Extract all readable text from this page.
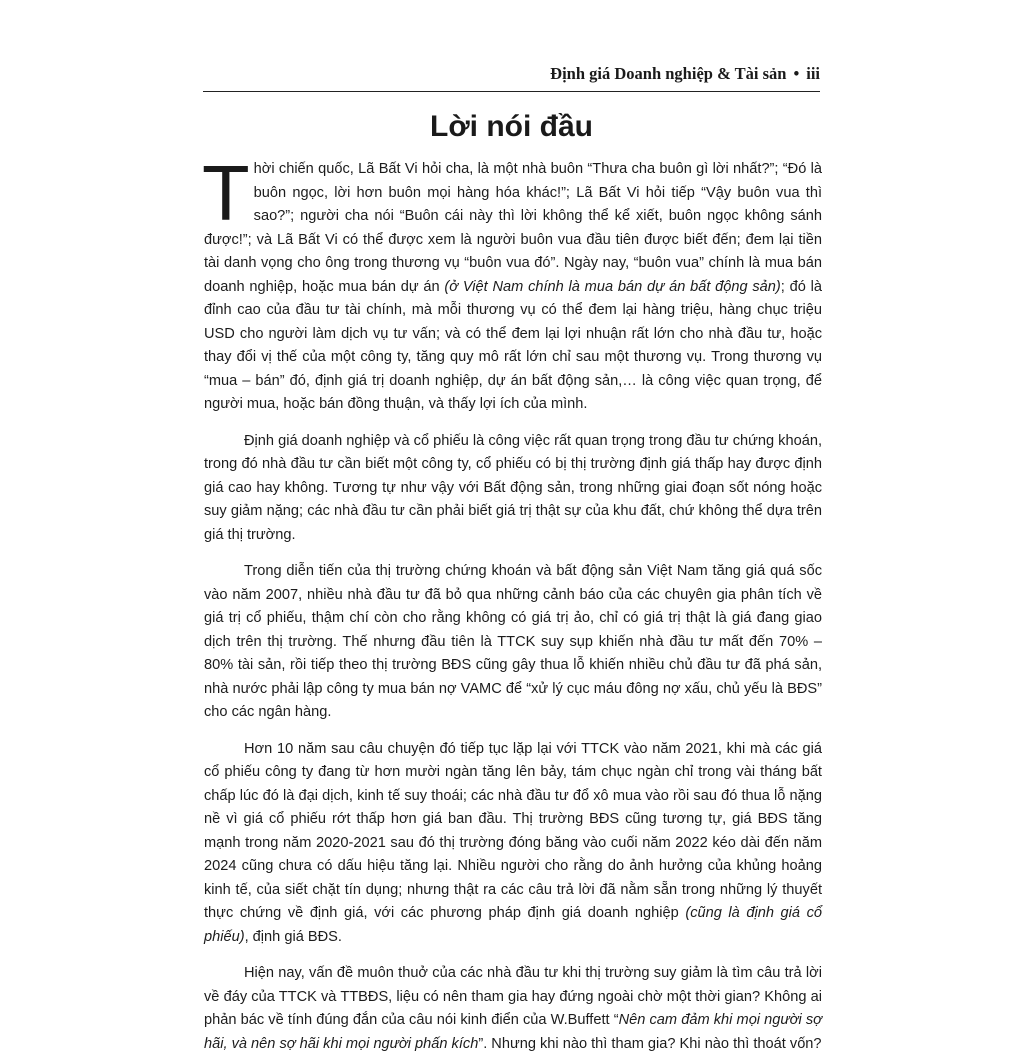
Định giá Doanh nghiệp & Tài sản • iii
Lời nói đầu

Thời chiến quốc, Lã Bất Vi hỏi cha, là một nhà buôn “Thưa cha buôn gì lời nhất?”; “Đó là buôn ngọc, lời hơn buôn mọi hàng hóa khác!”; Lã Bất Vi hỏi tiếp “Vậy buôn vua thì sao?”; người cha nói “Buôn cái này thì lời không thể kể xiết, buôn ngọc không sánh được!”; và Lã Bất Vi có thể được xem là người buôn vua đầu tiên được biết đến; đem lại tiền tài danh vọng cho ông trong thương vụ “buôn vua đó”. Ngày nay, “buôn vua” chính là mua bán doanh nghiệp, hoặc mua bán dự án (ở Việt Nam chính là mua bán dự án bất động sản); đó là đỉnh cao của đầu tư tài chính, mà mỗi thương vụ có thể đem lại hàng triệu, hàng chục triệu USD cho người làm dịch vụ tư vấn; và có thể đem lại lợi nhuận rất lớn cho nhà đầu tư, hoặc thay đổi vị thế của một công ty, tăng quy mô rất lớn chỉ sau một thương vụ. Trong thương vụ “mua – bán” đó, định giá trị doanh nghiệp, dự án bất động sản,… là công việc quan trọng, để người mua, hoặc bán đồng thuận, và thấy lợi ích của mình.

Định giá doanh nghiệp và cổ phiếu là công việc rất quan trọng trong đầu tư chứng khoán, trong đó nhà đầu tư cần biết một công ty, cổ phiếu có bị thị trường định giá thấp hay được định giá cao hay không. Tương tự như vậy với Bất động sản, trong những giai đoạn sốt nóng hoặc suy giảm nặng; các nhà đầu tư cần phải biết giá trị thật sự của khu đất, chứ không thể dựa trên giá thị trường.

Trong diễn tiến của thị trường chứng khoán và bất động sản Việt Nam tăng giá quá sốc vào năm 2007, nhiều nhà đầu tư đã bỏ qua những cảnh báo của các chuyên gia phân tích về giá trị cổ phiếu, thậm chí còn cho rằng không có giá trị ảo, chỉ có giá trị thật là giá đang giao dịch trên thị trường. Thế nhưng đầu tiên là TTCK suy sụp khiến nhà đầu tư mất đến 70% – 80% tài sản, rồi tiếp theo thị trường BĐS cũng gây thua lỗ khiến nhiều chủ đầu tư đã phá sản, nhà nước phải lập công ty mua bán nợ VAMC để “xử lý cục máu đông nợ xấu, chủ yếu là BĐS” cho các ngân hàng.

Hơn 10 năm sau câu chuyện đó tiếp tục lặp lại với TTCK vào năm 2021, khi mà các giá cổ phiếu công ty đang từ hơn mười ngàn tăng lên bảy, tám chục ngàn chỉ trong vài tháng bất chấp lúc đó là đại dịch, kinh tế suy thoái; các nhà đầu tư đổ xô mua vào rồi sau đó thua lỗ nặng nề vì giá cổ phiếu rớt thấp hơn giá ban đầu. Thị trường BĐS cũng tương tự, giá BĐS tăng mạnh trong năm 2020-2021 sau đó thị trường đóng băng vào cuối năm 2022 kéo dài đến năm 2024 cũng chưa có dấu hiệu tăng lại. Nhiều người cho rằng do ảnh hưởng của khủng hoảng kinh tế, của siết chặt tín dụng; nhưng thật ra các câu trả lời đã nằm sẵn trong những lý thuyết thực chứng về định giá, với các phương pháp định giá doanh nghiệp (cũng là định giá cổ phiếu), định giá BĐS.

Hiện nay, vấn đề muôn thuở của các nhà đầu tư khi thị trường suy giảm là tìm câu trả lời về đáy của TTCK và TTBĐS, liệu có nên tham gia hay đứng ngoài chờ một thời gian? Không ai phản bác về tính đúng đắn của câu nói kinh điển của W.Buffett “Nên cam đảm khi mọi người sợ hãi, và nên sợ hãi khi mọi người phấn kích”. Nhưng khi nào thì tham gia? Khi nào thì thoát vốn?
